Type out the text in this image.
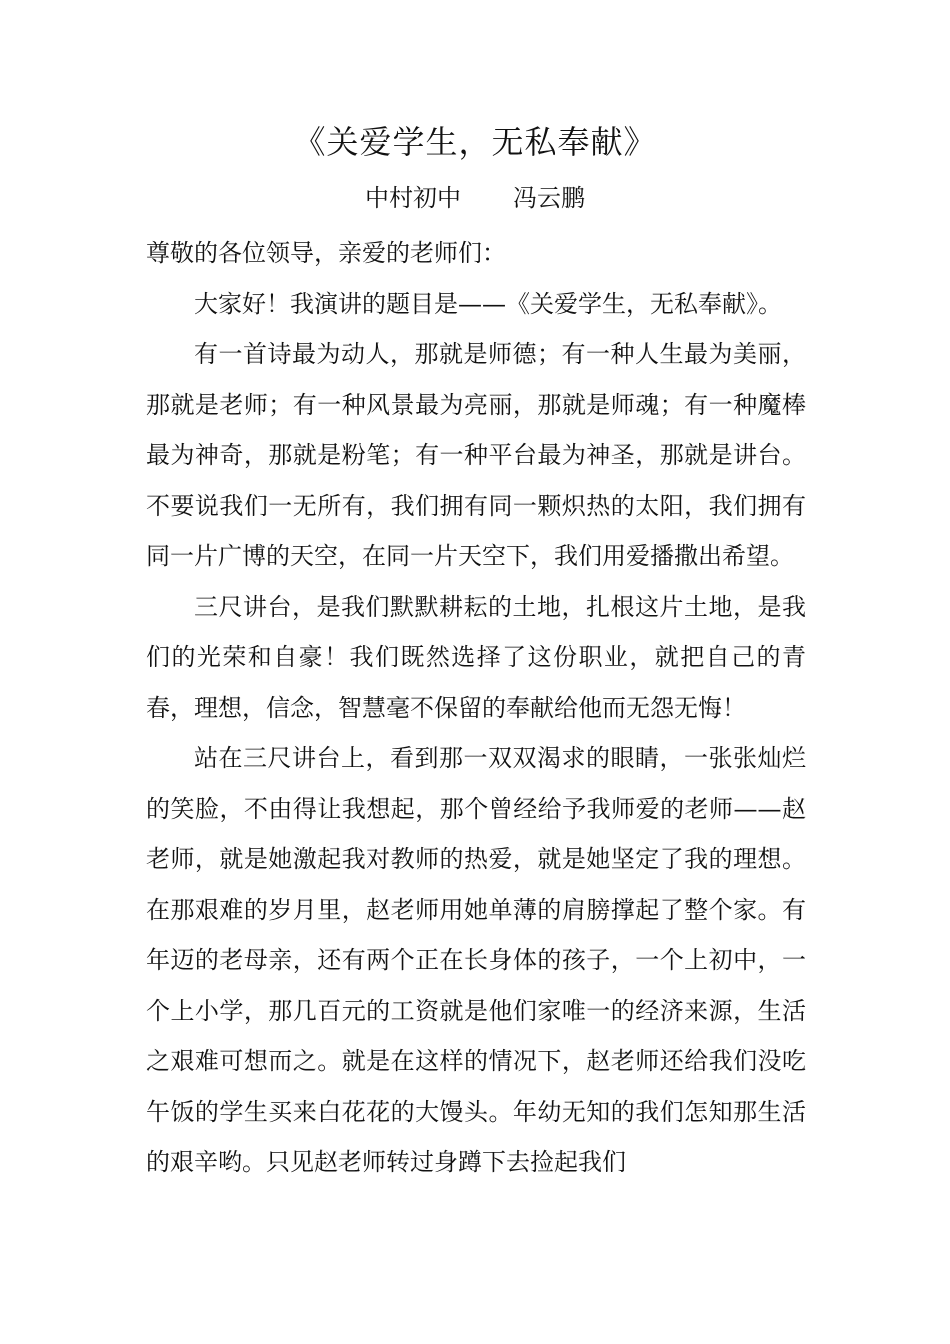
《关爱学生，无私奉献》
中村初中 冯云鹏

尊敬的各位领导，亲爱的老师们：

大家好！我演讲的题目是——《关爱学生，无私奉献》。

有一首诗最为动人，那就是师德；有一种人生最为美丽，那就是老师；有一种风景最为亮丽，那就是师魂；有一种魔棒最为神奇，那就是粉笔；有一种平台最为神圣，那就是讲台。不要说我们一无所有，我们拥有同一颗炽热的太阳，我们拥有同一片广博的天空，在同一片天空下，我们用爱播撒出希望。

三尺讲台，是我们默默耕耘的土地，扎根这片土地，是我们的光荣和自豪！我们既然选择了这份职业，就把自己的青春，理想，信念，智慧毫不保留的奉献给他而无怨无悔！

站在三尺讲台上，看到那一双双渴求的眼睛，一张张灿烂的笑脸，不由得让我想起，那个曾经给予我师爱的老师——赵老师，就是她激起我对教师的热爱，就是她坚定了我的理想。在那艰难的岁月里，赵老师用她单薄的肩膀撑起了整个家。有年迈的老母亲，还有两个正在长身体的孩子，一个上初中，一个上小学，那几百元的工资就是他们家唯一的经济来源，生活之艰难可想而之。就是在这样的情况下，赵老师还给我们没吃午饭的学生买来白花花的大馒头。年幼无知的我们怎知那生活的艰辛哟。只见赵老师转过身蹲下去捡起我们
